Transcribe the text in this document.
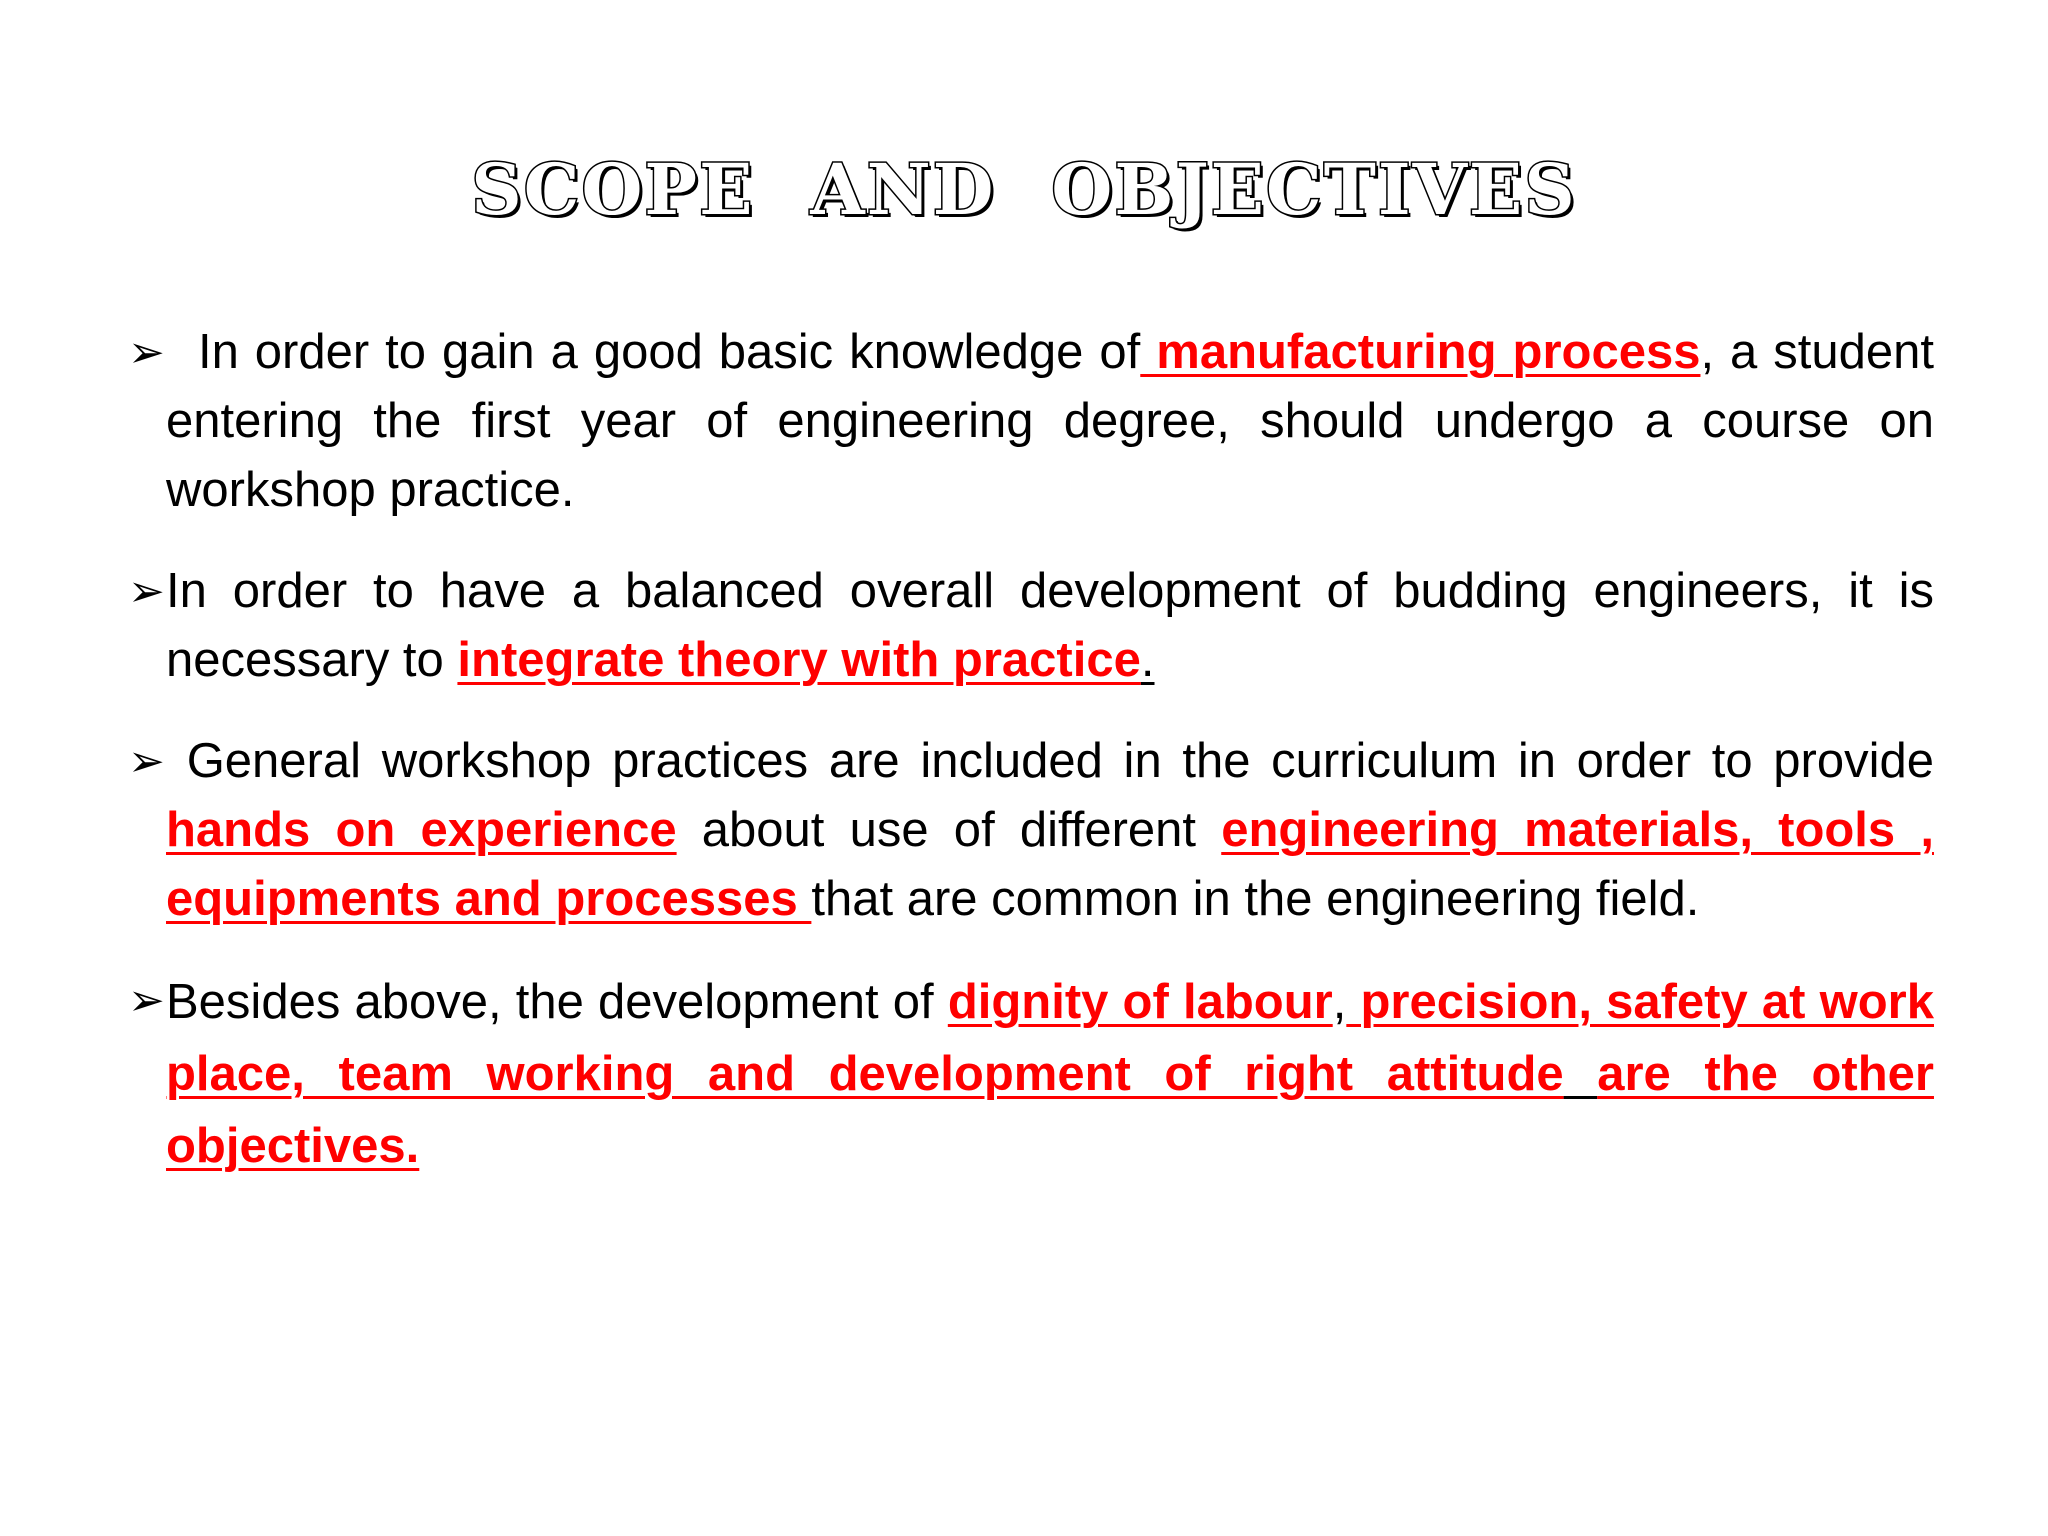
SCOPE AND OBJECTIVES
➢ In order to gain a good basic knowledge of manufacturing process, a student entering the first year of engineering degree, should undergo a course on workshop practice.
➢ In order to have a balanced overall development of budding engineers, it is necessary to integrate theory with practice.
➢ General workshop practices are included in the curriculum in order to provide hands on experience about use of different engineering materials, tools , equipments and processes that are common in the engineering field.
➢ Besides above, the development of dignity of labour, precision, safety at work place, team working and development of right attitude are the other objectives.
